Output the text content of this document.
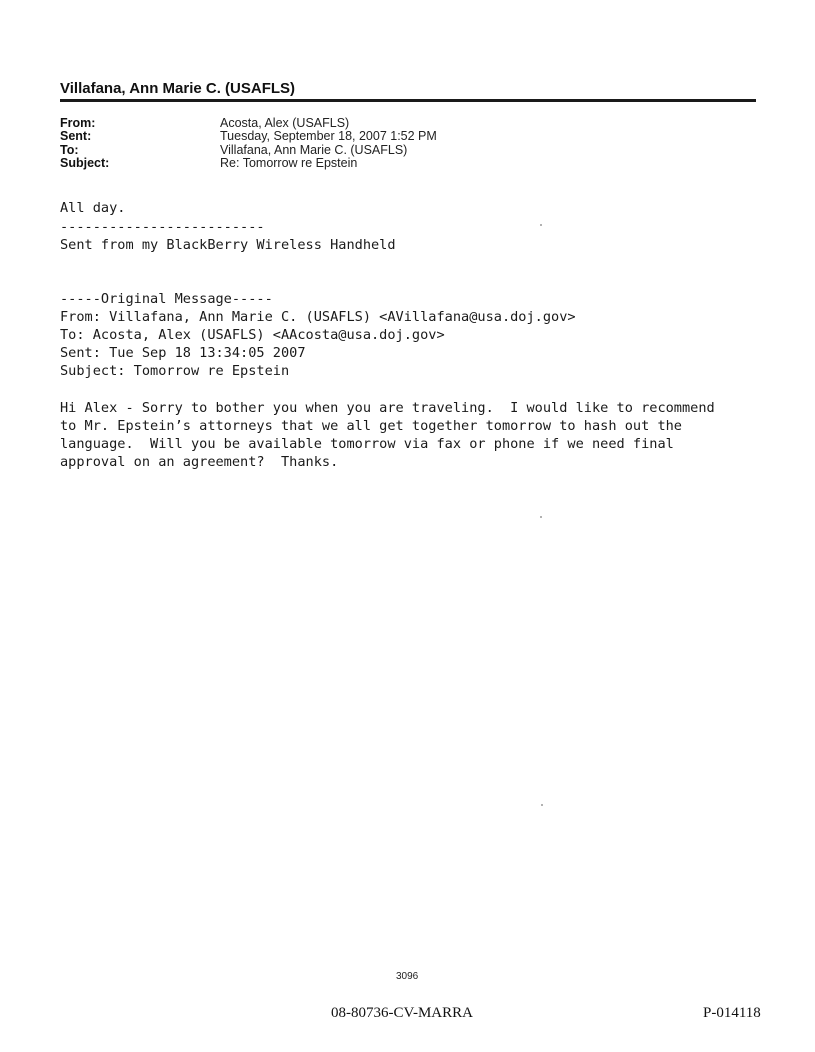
Villafana, Ann Marie C. (USAFLS)
From:	Acosta, Alex (USAFLS)
Sent:	Tuesday, September 18, 2007 1:52 PM
To:	Villafana, Ann Marie C. (USAFLS)
Subject:	Re: Tomorrow re Epstein
All day.
-------------------------
Sent from my BlackBerry Wireless Handheld
-----Original Message-----
From: Villafana, Ann Marie C. (USAFLS) <AVillafana@usa.doj.gov>
To: Acosta, Alex (USAFLS) <AAcosta@usa.doj.gov>
Sent: Tue Sep 18 13:34:05 2007
Subject: Tomorrow re Epstein
Hi Alex - Sorry to bother you when you are traveling.  I would like to recommend
to Mr. Epstein’s attorneys that we all get together tomorrow to hash out the
language.  Will you be available tomorrow via fax or phone if we need final
approval on an agreement?  Thanks.
3096
08-80736-CV-MARRA	P-014118
